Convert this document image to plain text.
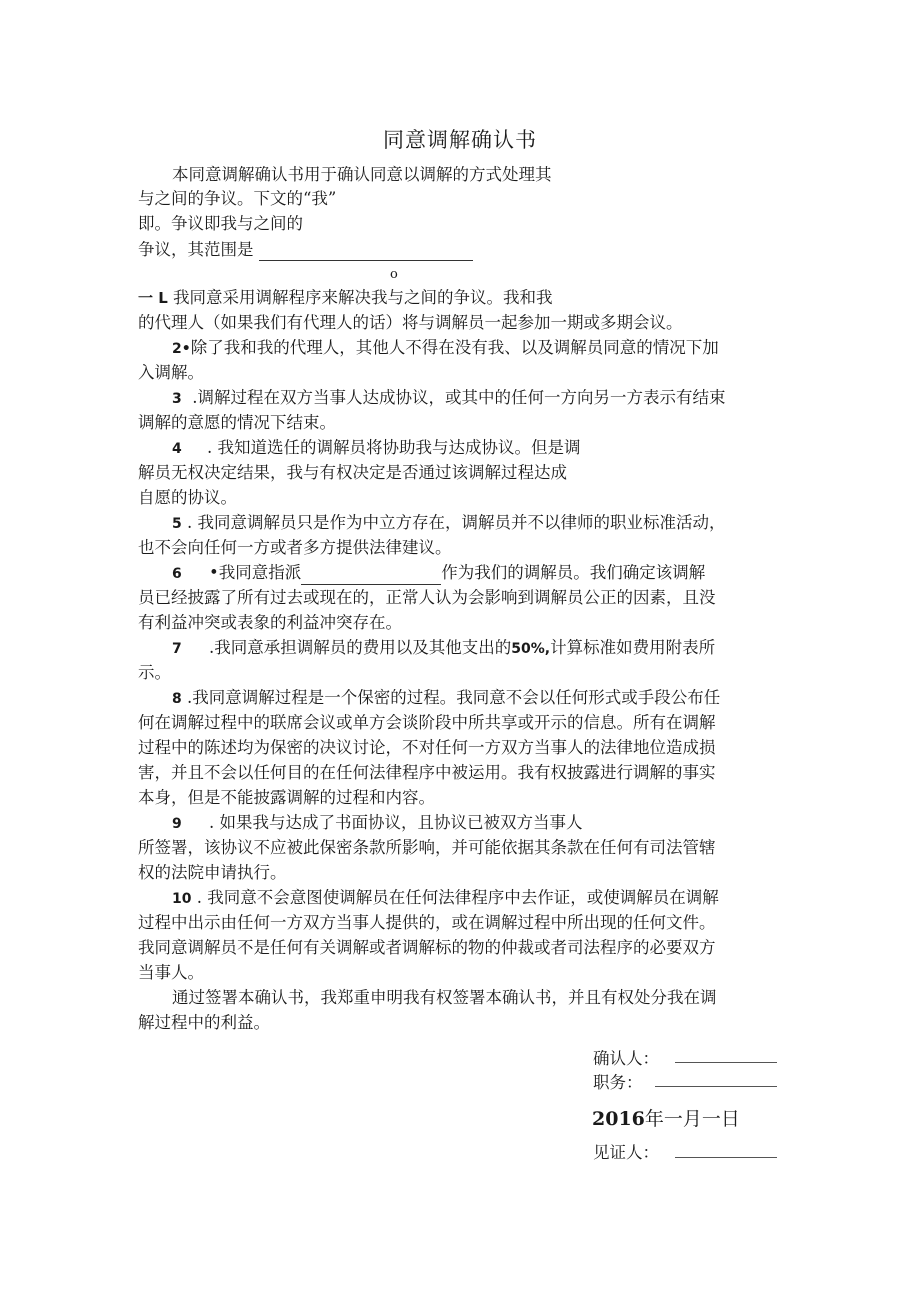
同意调解确认书
本同意调解确认书用于确认同意以调解的方式处理其
与之间的争议。下文的“我”
即。争议即我与之间的
争议，其范围是
o
一 L 我同意采用调解程序来解决我与之间的争议。我和我
的代理人（如果我们有代理人的话）将与调解员一起参加一期或多期会议。
2•除了我和我的代理人，其他人不得在没有我、以及调解员同意的情况下加
入调解。
3 .调解过程在双方当事人达成协议，或其中的任何一方向另一方表示有结束
调解的意愿的情况下结束。
4 . 我知道选任的调解员将协助我与达成协议。但是调
解员无权决定结果，我与有权决定是否通过该调解过程达成
自愿的协议。
5 . 我同意调解员只是作为中立方存在，调解员并不以律师的职业标准活动，
也不会向任何一方或者多方提供法律建议。
6 •我同意指派	作为我们的调解员。我们确定该调解
员已经披露了所有过去或现在的，正常人认为会影响到调解员公正的因素，且没
有利益冲突或表象的利益冲突存在。
7 .我同意承担调解员的费用以及其他支出的50%,计算标准如费用附表所
示。
8 .我同意调解过程是一个保密的过程。我同意不会以任何形式或手段公布任
何在调解过程中的联席会议或单方会谈阶段中所共享或开示的信息。所有在调解
过程中的陈述均为保密的决议讨论，不对任何一方双方当事人的法律地位造成损
害，并且不会以任何目的在任何法律程序中被运用。我有权披露进行调解的事实
本身，但是不能披露调解的过程和内容。
9 . 如果我与达成了书面协议，且协议已被双方当事人
所签署，该协议不应被此保密条款所影响，并可能依据其条款在任何有司法管辖
权的法院申请执行。
10 . 我同意不会意图使调解员在任何法律程序中去作证，或使调解员在调解
过程中出示由任何一方双方当事人提供的，或在调解过程中所出现的任何文件。
我同意调解员不是任何有关调解或者调解标的物的仲裁或者司法程序的必要双方
当事人。
通过签署本确认书，我郑重申明我有权签署本确认书，并且有权处分我在调
解过程中的利益。
确认人：
职务：
2016年一月一日
见证人：
